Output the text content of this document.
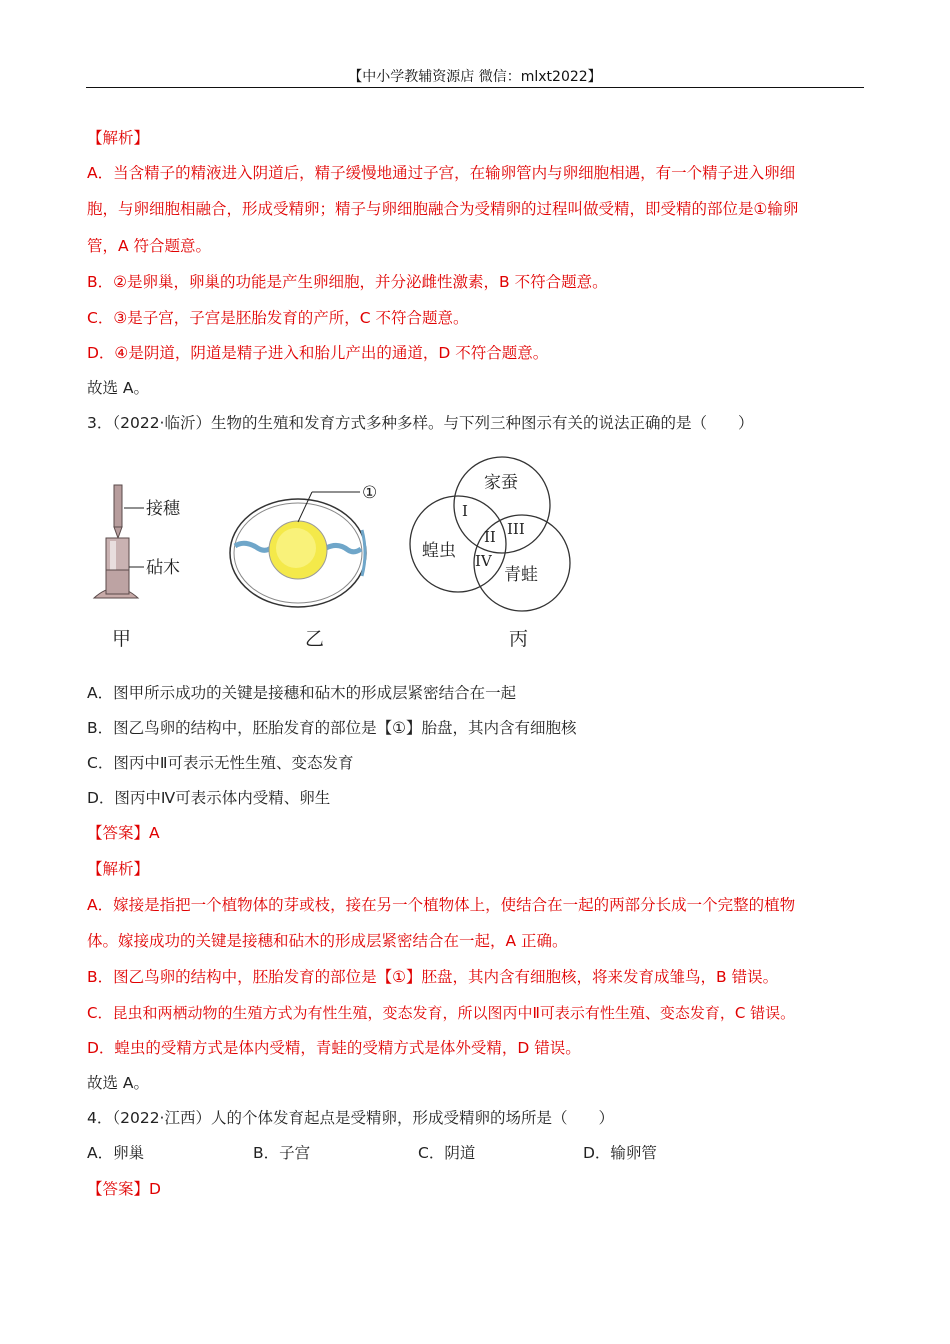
【中小学教辅资源店 微信：mlxt2022】
【解析】
A．当含精子的精液进入阴道后，精子缓慢地通过子宫，在输卵管内与卵细胞相遇，有一个精子进入卵细
胞，与卵细胞相融合，形成受精卵；精子与卵细胞融合为受精卵的过程叫做受精，即受精的部位是①输卵
管，A 符合题意。
B．②是卵巢，卵巢的功能是产生卵细胞，并分泌雌性激素，B 不符合题意。
C．③是子宫，子宫是胚胎发育的产所，C 不符合题意。
D．④是阴道，阴道是精子进入和胎儿产出的通道，D 不符合题意。
故选 A。
3．（2022·临沂）生物的生殖和发育方式多种多样。与下列三种图示有关的说法正确的是（　　）
接穗
砧木
①	家蚕
蝗虫
青蛙
I
II III
IV
甲	乙	丙
A．图甲所示成功的关键是接穗和砧木的形成层紧密结合在一起
B．图乙鸟卵的结构中，胚胎发育的部位是【①】胎盘，其内含有细胞核
C．图丙中Ⅱ可表示无性生殖、变态发育
D．图丙中Ⅳ可表示体内受精、卵生
【答案】A
【解析】
A．嫁接是指把一个植物体的芽或枝，接在另一个植物体上，使结合在一起的两部分长成一个完整的植物
体。嫁接成功的关键是接穗和砧木的形成层紧密结合在一起，A 正确。
B．图乙鸟卵的结构中，胚胎发育的部位是【①】胚盘，其内含有细胞核，将来发育成雏鸟，B 错误。
C．昆虫和两栖动物的生殖方式为有性生殖，变态发育，所以图丙中Ⅱ可表示有性生殖、变态发育，C 错误。
D．蝗虫的受精方式是体内受精，青蛙的受精方式是体外受精，D 错误。
故选 A。
4．（2022·江西）人的个体发育起点是受精卵，形成受精卵的场所是（　　）
A．卵巢	B．子宫	C．阴道	D．输卵管
【答案】D
